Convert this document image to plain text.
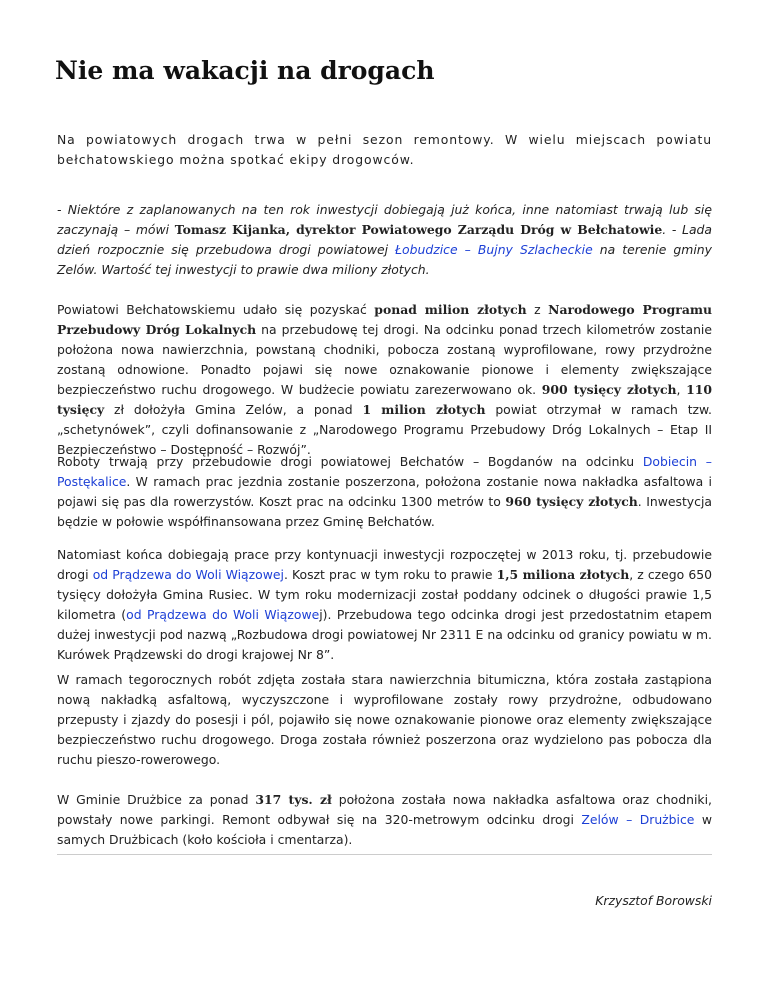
Nie ma wakacji na drogach

Na powiatowych drogach trwa w pełni sezon remontowy. W wielu miejscach powiatu bełchatowskiego można spotkać ekipy drogowców.

- Niektóre z zaplanowanych na ten rok inwestycji dobiegają już końca, inne natomiast trwają lub się zaczynają – mówi Tomasz Kijanka, dyrektor Powiatowego Zarządu Dróg w Bełchatowie. - Lada dzień rozpocznie się przebudowa drogi powiatowej Łobudzice – Bujny Szlacheckie na terenie gminy Zelów. Wartość tej inwestycji to prawie dwa miliony złotych.

Powiatowi Bełchatowskiemu udało się pozyskać ponad milion złotych z Narodowego Programu Przebudowy Dróg Lokalnych na przebudowę tej drogi. Na odcinku ponad trzech kilometrów zostanie położona nowa nawierzchnia, powstaną chodniki, pobocza zostaną wyprofilowane, rowy przydrożne zostaną odnowione. Ponadto pojawi się nowe oznakowanie pionowe i elementy zwiększające bezpieczeństwo ruchu drogowego. W budżecie powiatu zarezerwowano ok. 900 tysięcy złotych, 110 tysięcy zł dołożyła Gmina Zelów, a ponad 1 milion złotych powiat otrzymał w ramach tzw. „schetynówek”, czyli dofinansowanie z „Narodowego Programu Przebudowy Dróg Lokalnych – Etap II Bezpieczeństwo – Dostępność – Rozwój”.

Roboty trwają przy przebudowie drogi powiatowej Bełchatów – Bogdanów na odcinku Dobiecin – Postękalice. W ramach prac jezdnia zostanie poszerzona, położona zostanie nowa nakładka asfaltowa i pojawi się pas dla rowerzystów. Koszt prac na odcinku 1300 metrów to 960 tysięcy złotych. Inwestycja będzie w połowie współfinansowana przez Gminę Bełchatów.

Natomiast końca dobiegają prace przy kontynuacji inwestycji rozpoczętej w 2013 roku, tj. przebudowie drogi od Prądzewa do Woli Wiązowej. Koszt prac w tym roku to prawie 1,5 miliona złotych, z czego 650 tysięcy dołożyła Gmina Rusiec. W tym roku modernizacji został poddany odcinek o długości prawie 1,5 kilometra (od Prądzewa do Woli Wiązowej). Przebudowa tego odcinka drogi jest przedostatnim etapem dużej inwestycji pod nazwą „Rozbudowa drogi powiatowej Nr 2311 E na odcinku od granicy powiatu w m. Kurówek Prądzewski do drogi krajowej Nr 8”.

W ramach tegorocznych robót zdjęta została stara nawierzchnia bitumiczna, która została zastąpiona nową nakładką asfaltową, wyczyszczone i wyprofilowane zostały rowy przydrożne, odbudowano przepusty i zjazdy do posesji i pól, pojawiło się nowe oznakowanie pionowe oraz elementy zwiększające bezpieczeństwo ruchu drogowego. Droga została również poszerzona oraz wydzielono pas pobocza dla ruchu pieszo-rowerowego.

W Gminie Drużbice za ponad 317 tys. zł położona została nowa nakładka asfaltowa oraz chodniki, powstały nowe parkingi. Remont odbywał się na 320-metrowym odcinku drogi Zelów – Drużbice w samych Drużbicach (koło kościoła i cmentarza).

Krzysztof Borowski
